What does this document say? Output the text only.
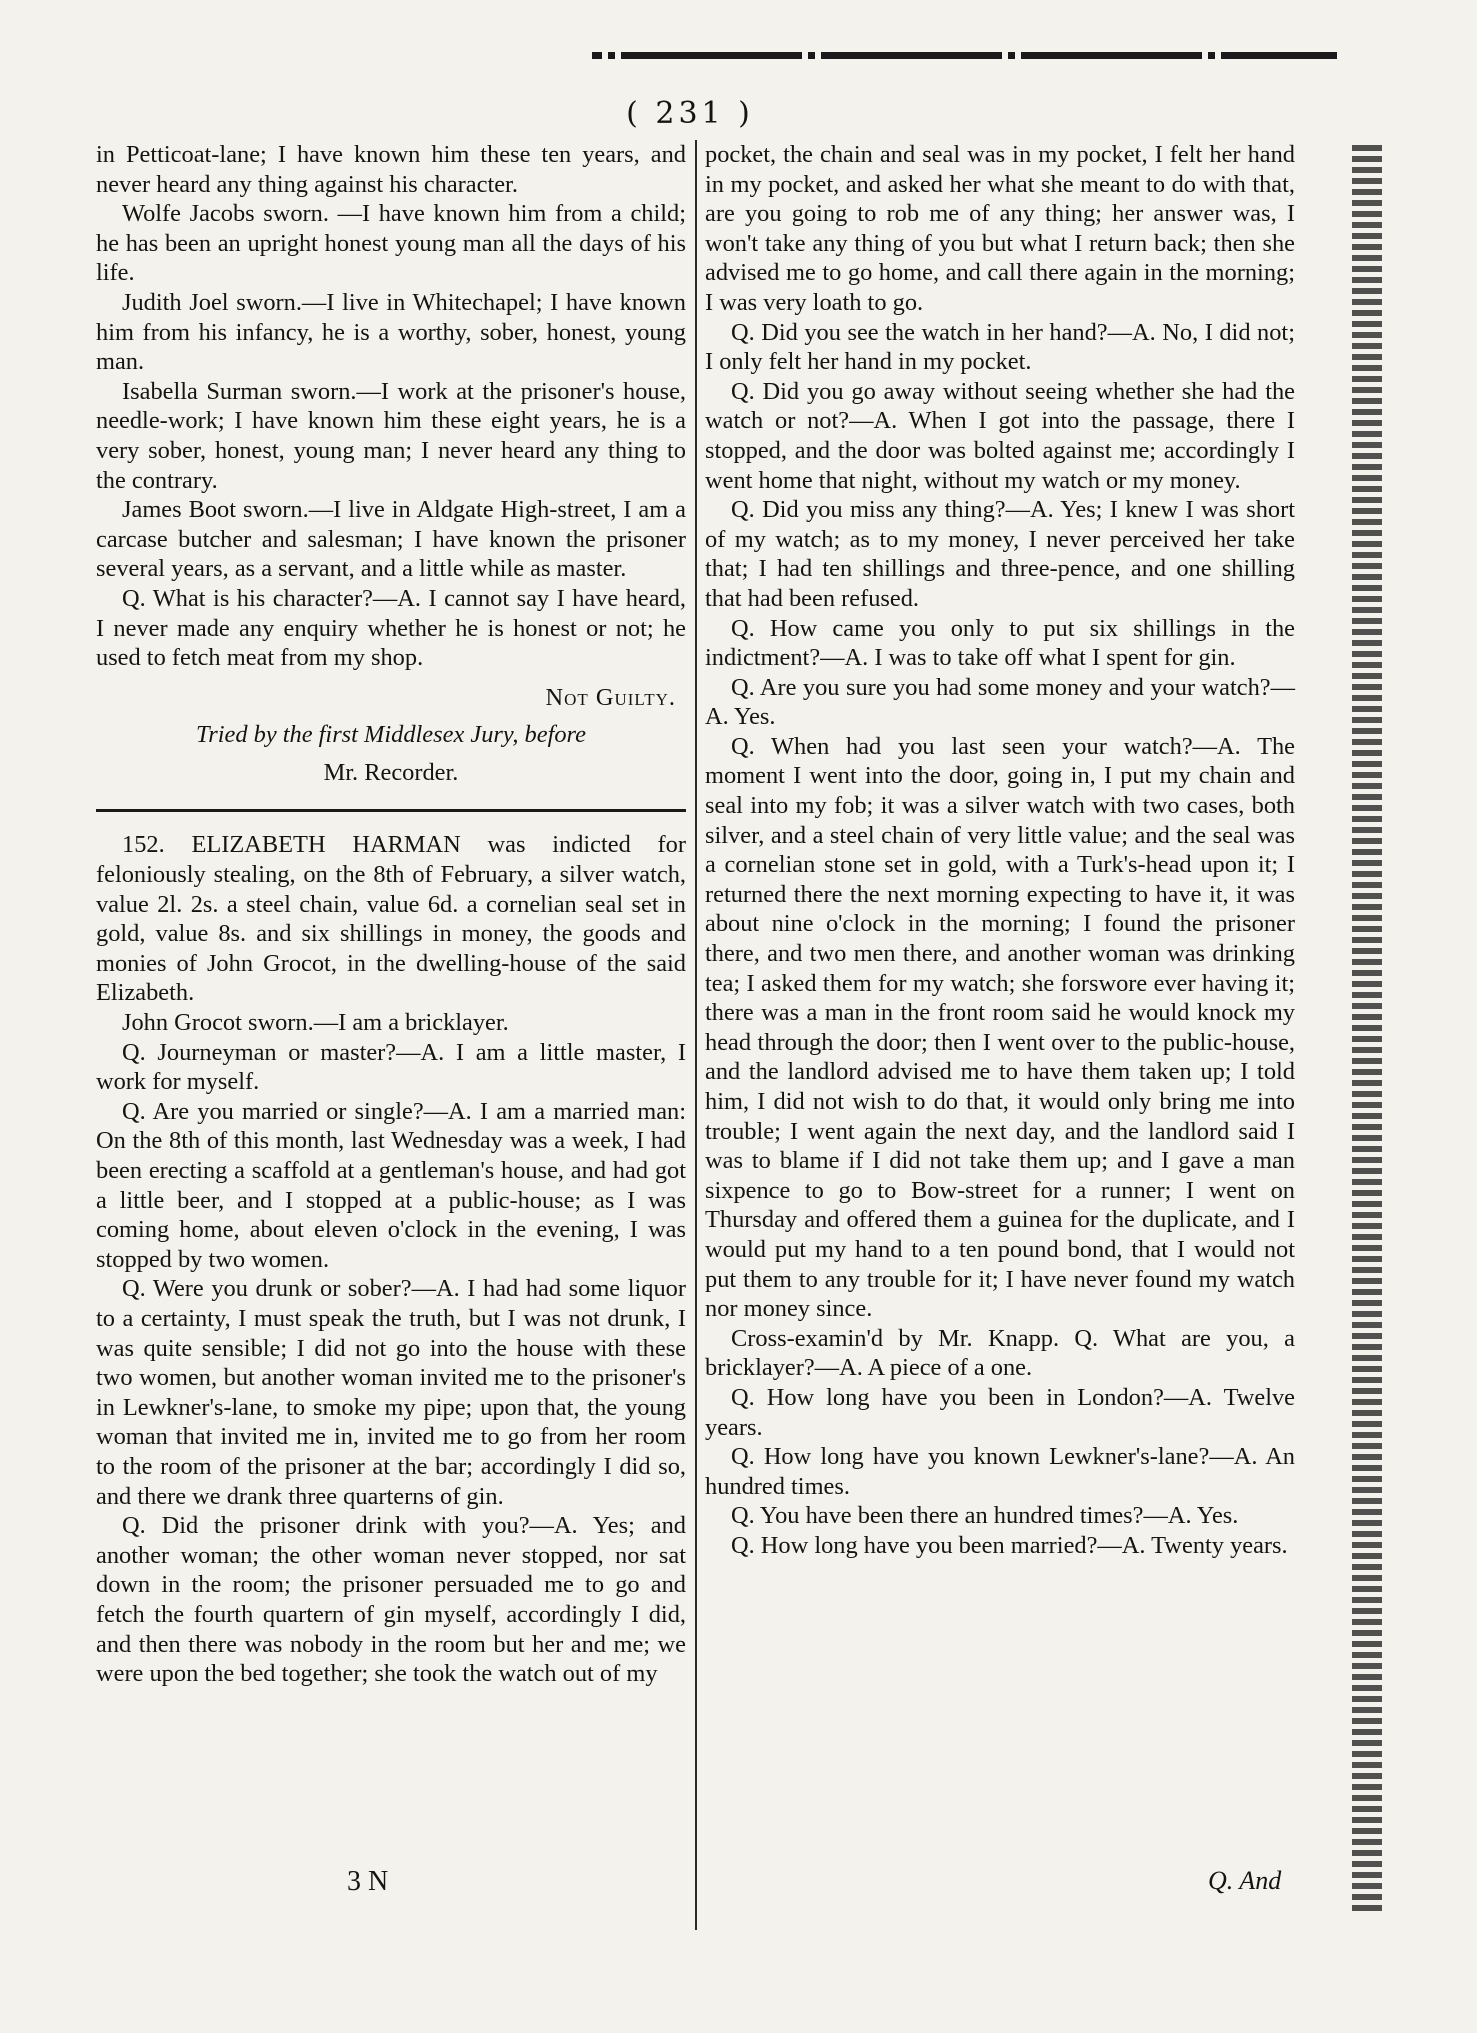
( 231 )

in Petticoat-lane; I have known him these ten years, and never heard any thing against his character.

Wolfe Jacobs sworn. —I have known him from a child; he has been an upright honest young man all the days of his life.

Judith Joel sworn.—I live in Whitechapel; I have known him from his infancy, he is a worthy, sober, honest, young man.

Isabella Surman sworn.—I work at the prisoner's house, needle-work; I have known him these eight years, he is a very sober, honest, young man; I never heard any thing to the contrary.

James Boot sworn.—I live in Aldgate High-street, I am a carcase butcher and salesman; I have known the prisoner several years, as a servant, and a little while as master.

Q. What is his character?—A. I cannot say I have heard, I never made any enquiry whether he is honest or not; he used to fetch meat from my shop.

Not Guilty.
Tried by the first Middlesex Jury, before
Mr. Recorder.

152. ELIZABETH HARMAN was indicted for feloniously stealing, on the 8th of February, a silver watch, value 2l. 2s. a steel chain, value 6d. a cornelian seal set in gold, value 8s. and six shillings in money, the goods and monies of John Grocot, in the dwelling-house of the said Elizabeth.

John Grocot sworn.—I am a bricklayer.

Q. Journeyman or master?—A. I am a little master, I work for myself.

Q. Are you married or single?—A. I am a married man: On the 8th of this month, last Wednesday was a week, I had been erecting a scaffold at a gentleman's house, and had got a little beer, and I stopped at a public-house; as I was coming home, about eleven o'clock in the evening, I was stopped by two women.

Q. Were you drunk or sober?—A. I had had some liquor to a certainty, I must speak the truth, but I was not drunk, I was quite sensible; I did not go into the house with these two women, but another woman invited me to the prisoner's in Lewkner's-lane, to smoke my pipe; upon that, the young woman that invited me in, invited me to go from her room to the room of the prisoner at the bar; accordingly I did so, and there we drank three quarterns of gin.

Q. Did the prisoner drink with you?—A. Yes; and another woman; the other woman never stopped, nor sat down in the room; the prisoner persuaded me to go and fetch the fourth quartern of gin myself, accordingly I did, and then there was nobody in the room but her and me; we were upon the bed together; she took the watch out of my

pocket, the chain and seal was in my pocket, I felt her hand in my pocket, and asked her what she meant to do with that, are you going to rob me of any thing; her answer was, I won't take any thing of you but what I return back; then she advised me to go home, and call there again in the morning; I was very loath to go.

Q. Did you see the watch in her hand?—A. No, I did not; I only felt her hand in my pocket.

Q. Did you go away without seeing whether she had the watch or not?—A. When I got into the passage, there I stopped, and the door was bolted against me; accordingly I went home that night, without my watch or my money.

Q. Did you miss any thing?—A. Yes; I knew I was short of my watch; as to my money, I never perceived her take that; I had ten shillings and three-pence, and one shilling that had been refused.

Q. How came you only to put six shillings in the indictment?—A. I was to take off what I spent for gin.

Q. Are you sure you had some money and your watch?—A. Yes.

Q. When had you last seen your watch?—A. The moment I went into the door, going in, I put my chain and seal into my fob; it was a silver watch with two cases, both silver, and a steel chain of very little value; and the seal was a cornelian stone set in gold, with a Turk's-head upon it; I returned there the next morning expecting to have it, it was about nine o'clock in the morning; I found the prisoner there, and two men there, and another woman was drinking tea; I asked them for my watch; she forswore ever having it; there was a man in the front room said he would knock my head through the door; then I went over to the public-house, and the landlord advised me to have them taken up; I told him, I did not wish to do that, it would only bring me into trouble; I went again the next day, and the landlord said I was to blame if I did not take them up; and I gave a man sixpence to go to Bow-street for a runner; I went on Thursday and offered them a guinea for the duplicate, and I would put my hand to a ten pound bond, that I would not put them to any trouble for it; I have never found my watch nor money since.

Cross-examin'd by Mr. Knapp. Q. What are you, a bricklayer?—A. A piece of a one.

Q. How long have you been in London?—A. Twelve years.

Q. How long have you known Lewkner's-lane?—A. An hundred times.

Q. You have been there an hundred times?—A. Yes.

Q. How long have you been married?—A. Twenty years.

3 N	Q. And
